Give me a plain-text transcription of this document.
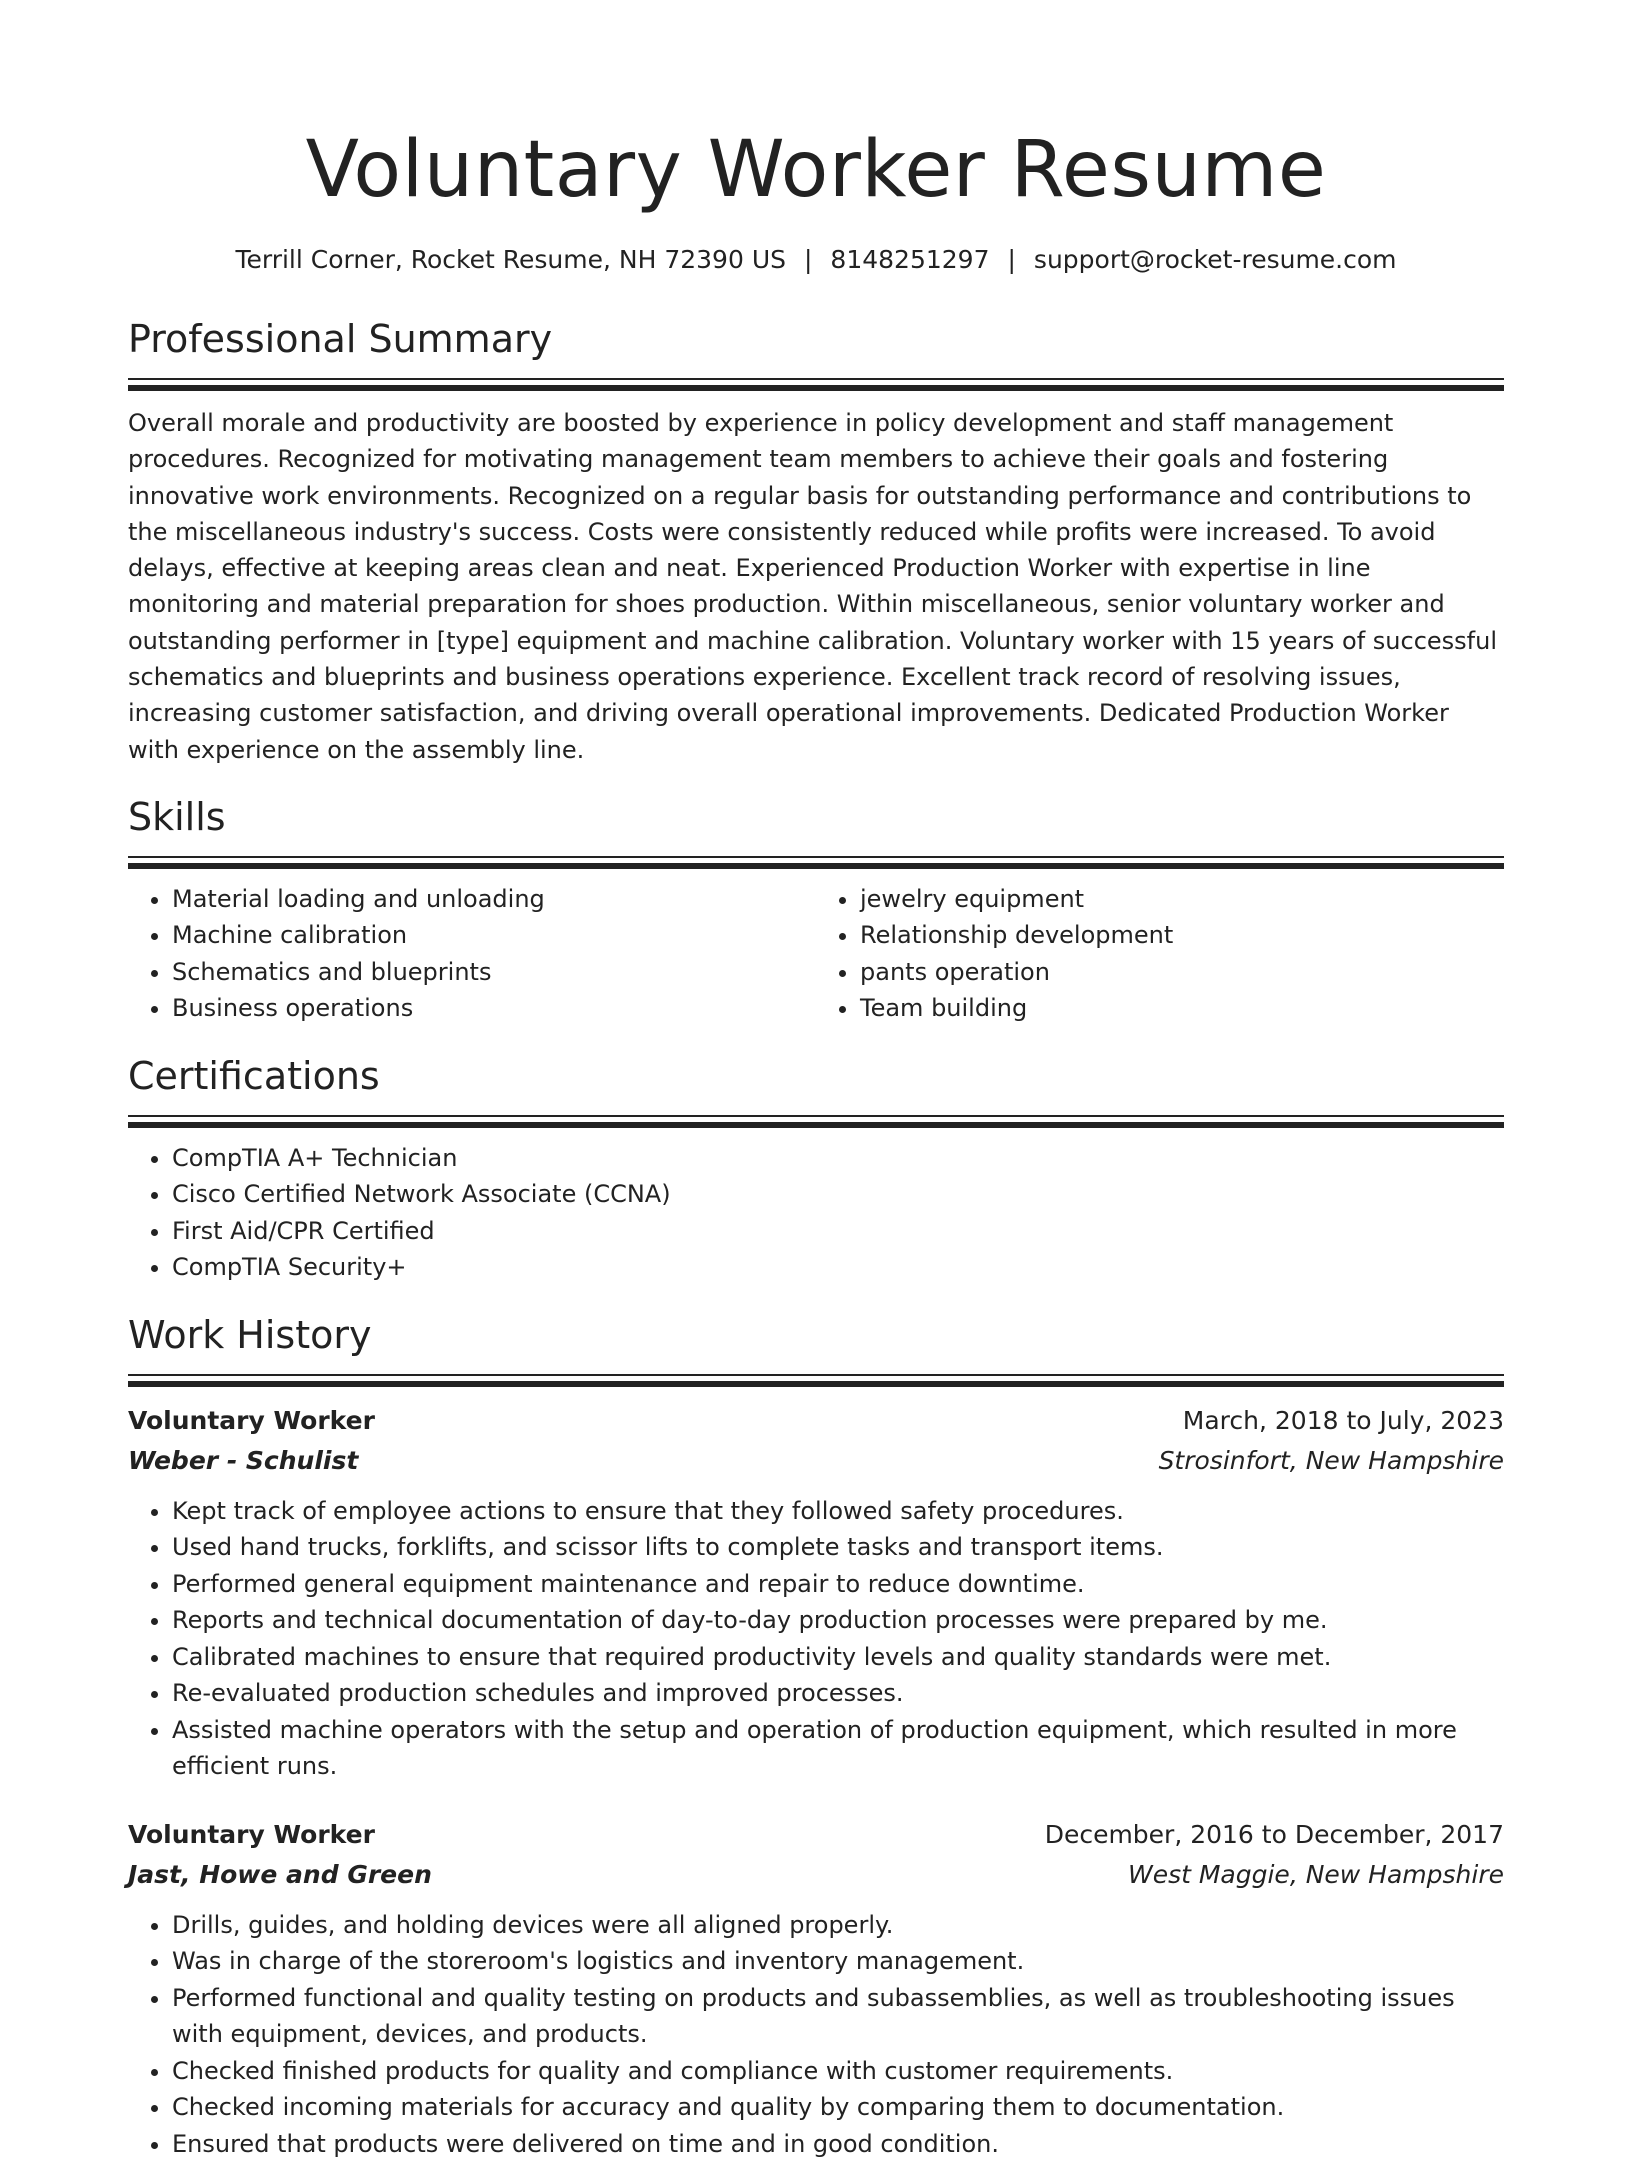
Voluntary Worker Resume
Terrill Corner, Rocket Resume, NH 72390 US | 8148251297 | support@rocket-resume.com
Professional Summary

Overall morale and productivity are boosted by experience in policy development and staff management procedures. Recognized for motivating management team members to achieve their goals and fostering innovative work environments. Recognized on a regular basis for outstanding performance and contributions to the miscellaneous industry's success. Costs were consistently reduced while profits were increased. To avoid delays, effective at keeping areas clean and neat. Experienced Production Worker with expertise in line monitoring and material preparation for shoes production. Within miscellaneous, senior voluntary worker and outstanding performer in [type] equipment and machine calibration. Voluntary worker with 15 years of successful schematics and blueprints and business operations experience. Excellent track record of resolving issues, increasing customer satisfaction, and driving overall operational improvements. Dedicated Production Worker with experience on the assembly line.

Skills
• Material loading and unloading
• Machine calibration
• Schematics and blueprints
• Business operations
• jewelry equipment
• Relationship development
• pants operation
• Team building
Certifications
• CompTIA A+ Technician
• Cisco Certified Network Associate (CCNA)
• First Aid/CPR Certified
• CompTIA Security+
Work History
Voluntary Worker	March, 2018 to July, 2023
Weber - Schulist	Strosinfort, New Hampshire
• Kept track of employee actions to ensure that they followed safety procedures.
• Used hand trucks, forklifts, and scissor lifts to complete tasks and transport items.
• Performed general equipment maintenance and repair to reduce downtime.
• Reports and technical documentation of day-to-day production processes were prepared by me.
• Calibrated machines to ensure that required productivity levels and quality standards were met.
• Re-evaluated production schedules and improved processes.
• Assisted machine operators with the setup and operation of production equipment, which resulted in more efficient runs.
Voluntary Worker	December, 2016 to December, 2017
Jast, Howe and Green	West Maggie, New Hampshire
• Drills, guides, and holding devices were all aligned properly.
• Was in charge of the storeroom's logistics and inventory management.
• Performed functional and quality testing on products and subassemblies, as well as troubleshooting issues with equipment, devices, and products.
• Checked finished products for quality and compliance with customer requirements.
• Checked incoming materials for accuracy and quality by comparing them to documentation.
• Ensured that products were delivered on time and in good condition.
